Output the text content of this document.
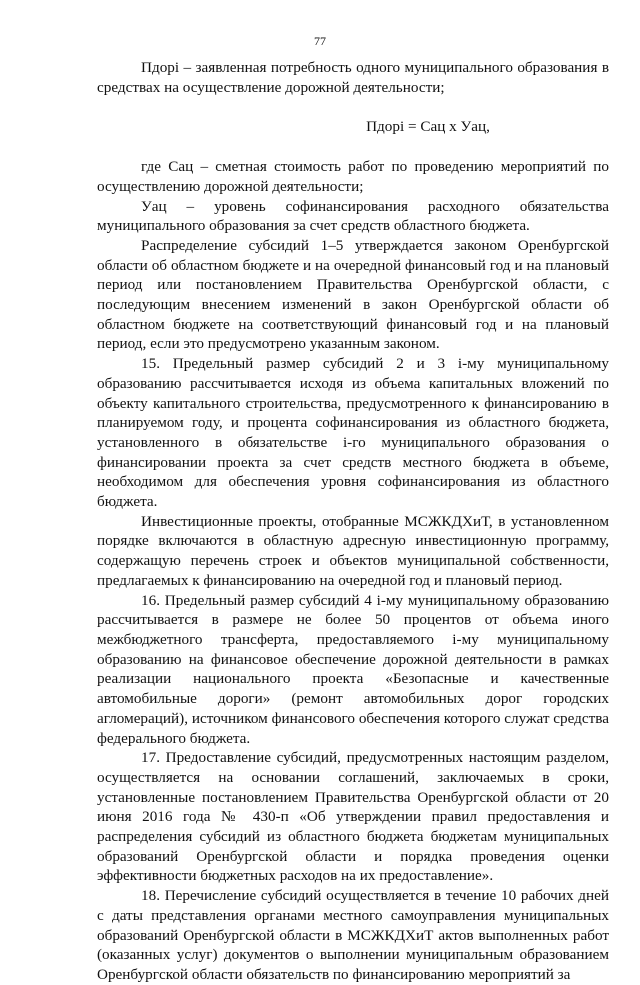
77

Пдорi – заявленная потребность одного муниципального образования в средствах на осуществление дорожной деятельности;

Пдорi = Сац х Уац,

где Сац – сметная стоимость работ по проведению мероприятий по осуществлению дорожной деятельности;

Уац – уровень софинансирования расходного обязательства муниципального образования за счет средств областного бюджета.

Распределение субсидий 1–5 утверждается законом Оренбургской области об областном бюджете и на очередной финансовый год и на плановый период или постановлением Правительства Оренбургской области, с последующим внесением изменений в закон Оренбургской области об областном бюджете на соответствующий финансовый год и на плановый период, если это предусмотрено указанным законом.

15. Предельный размер субсидий 2 и 3 i-му муниципальному образованию рассчитывается исходя из объема капитальных вложений по объекту капитального строительства, предусмотренного к финансированию в планируемом году, и процента софинансирования из областного бюджета, установленного в обязательстве i-го муниципального образования о финансировании проекта за счет средств местного бюджета в объеме, необходимом для обеспечения уровня софинансирования из областного бюджета.

Инвестиционные проекты, отобранные МСЖКДХиТ, в установленном порядке включаются в областную адресную инвестиционную программу, содержащую перечень строек и объектов муниципальной собственности, предлагаемых к финансированию на очередной год и плановый период.

16. Предельный размер субсидий 4 i-му муниципальному образованию рассчитывается в размере не более 50 процентов от объема иного межбюджетного трансферта, предоставляемого i-му муниципальному образованию на финансовое обеспечение дорожной деятельности в рамках реализации национального проекта «Безопасные и качественные автомобильные дороги» (ремонт автомобильных дорог городских агломераций), источником финансового обеспечения которого служат средства федерального бюджета.

17. Предоставление субсидий, предусмотренных настоящим разделом, осуществляется на основании соглашений, заключаемых в сроки, установленные постановлением Правительства Оренбургской области от 20 июня 2016 года № 430-п «Об утверждении правил предоставления и распределения субсидий из областного бюджета бюджетам муниципальных образований Оренбургской области и порядка проведения оценки эффективности бюджетных расходов на их предоставление».

18. Перечисление субсидий осуществляется в течение 10 рабочих дней с даты представления органами местного самоуправления муниципальных образований Оренбургской области в МСЖКДХиТ актов выполненных работ (оказанных услуг) документов о выполнении муниципальным образованием Оренбургской области обязательств по финансированию мероприятий за
